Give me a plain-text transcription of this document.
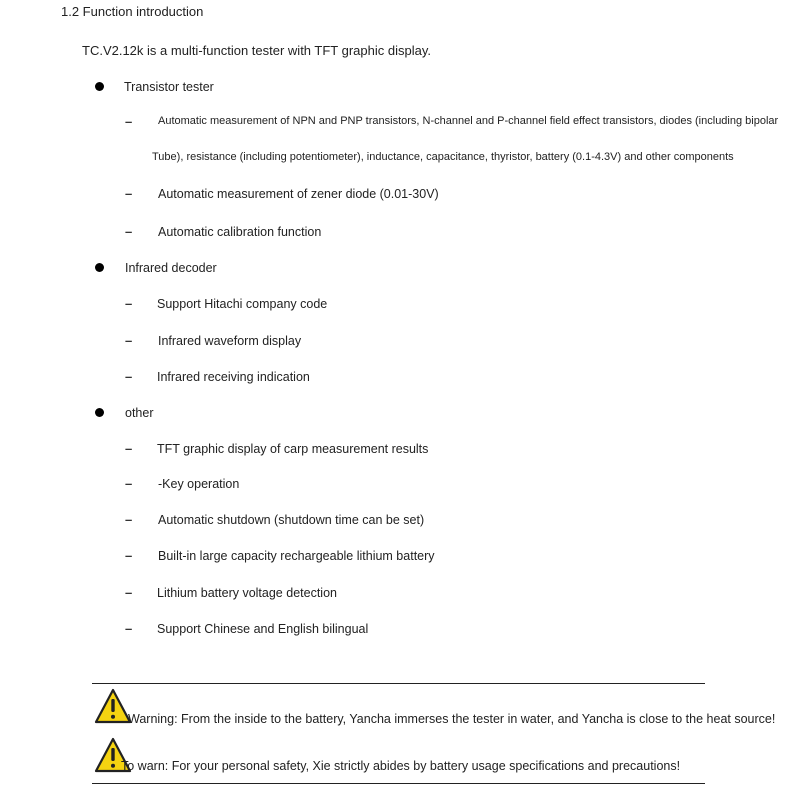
1.2 Function introduction
TC.V2.12k is a multi-function tester with TFT graphic display.
Transistor tester
– Automatic measurement of NPN and PNP transistors, N-channel and P-channel field effect transistors, diodes (including bipolar
Tube), resistance (including potentiometer), inductance, capacitance, thyristor, battery (0.1-4.3V) and other components
– Automatic measurement of zener diode (0.01-30V)
– Automatic calibration function
Infrared decoder
– Support Hitachi company code
– Infrared waveform display
– Infrared receiving indication
other
– TFT graphic display of carp measurement results
– -Key operation
– Automatic shutdown (shutdown time can be set)
– Built-in large capacity rechargeable lithium battery
– Lithium battery voltage detection
– Support Chinese and English bilingual
Warning: From the inside to the battery, Yancha immerses the tester in water, and Yancha is close to the heat source!
To warn: For your personal safety, Xie strictly abides by battery usage specifications and precautions!
